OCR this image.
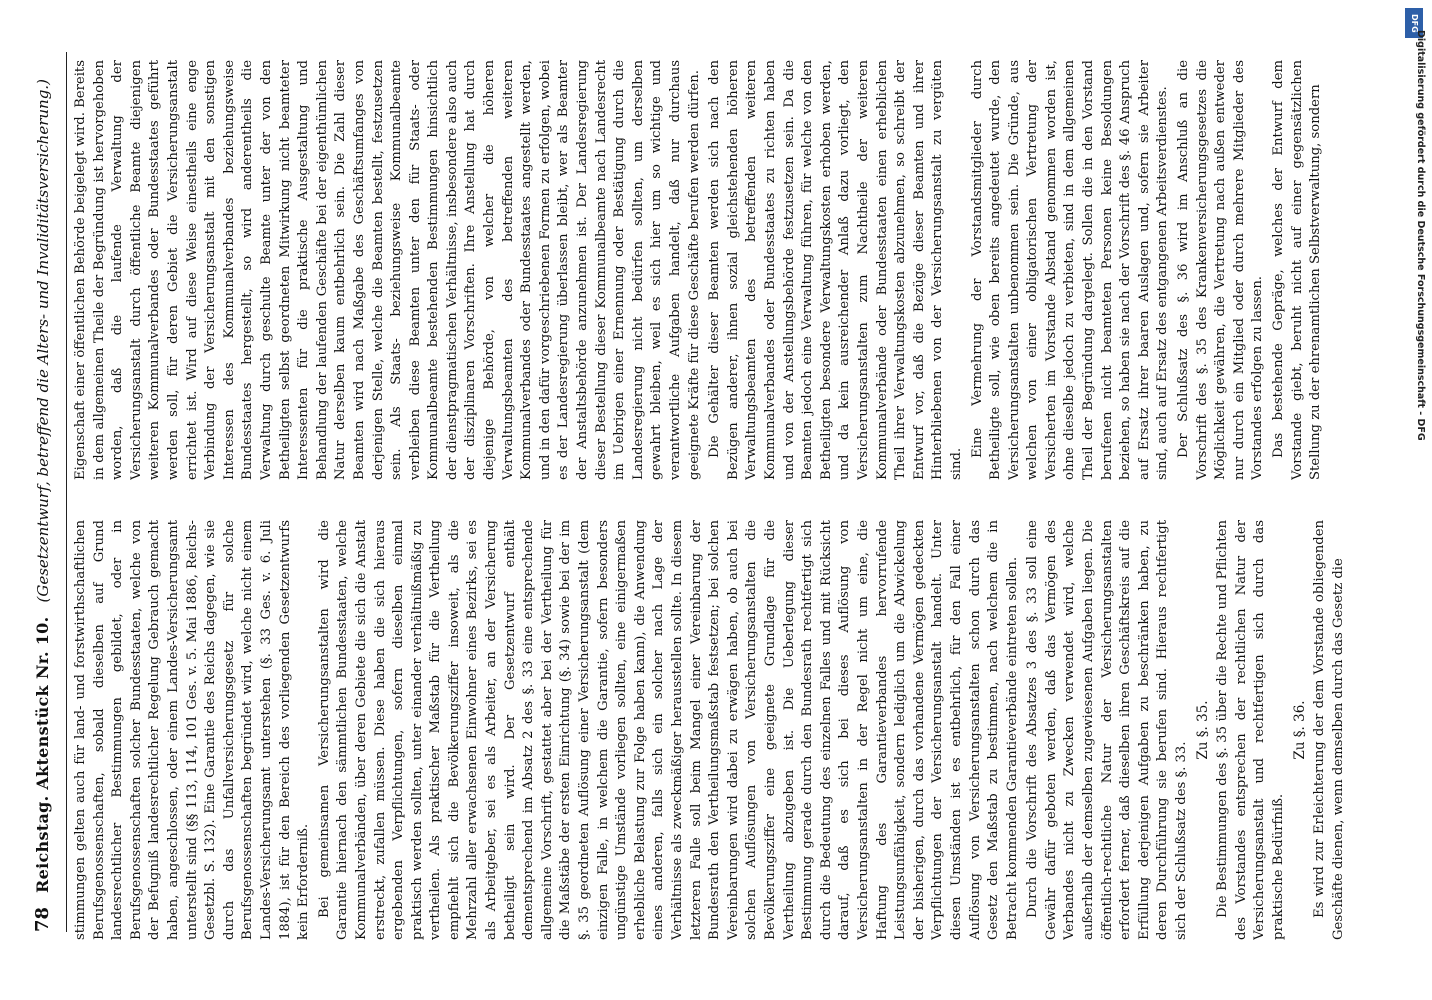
78
Reichstag. Aktenstück Nr. 10.
(Gesetzentwurf, betreffend die Alters- und Invaliditätsversicherung.)

stimmungen gelten auch für land- und forstwirthschaftlichen Berufsgenossenschaften, sobald dieselben auf Grund landesrechtlicher Bestimmungen gebildet, oder in Berufsgenossenschaften solcher Bundesstaaten, welche von der Befugniß landesrechtlicher Regelung Gebrauch gemacht haben, angeschlossen, oder einem Landes-Versicherungsamt unterstellt sind (§§ 113, 114, 101 Ges. v. 5. Mai 1886, Reichs-Gesetzbl. S. 132). Eine Garantie des Reichs dagegen, wie sie durch das Unfallversicherungsgesetz für solche Berufsgenossenschaften begründet wird, welche nicht einem Landes-Versicherungsamt unterstehen (§. 33 Ges. v. 6. Juli 1884), ist für den Bereich des vorliegenden Gesetzentwurfs kein Erforderniß. Bei gemeinsamen Versicherungsanstalten wird die Garantie hiernach den sämmtlichen Bundesstaaten, welche Kommunalverbänden, über deren Gebiete die sich die Anstalt erstreckt, zufallen müssen. Diese haben die sich hieraus ergebenden Verpflichtungen, sofern dieselben einmal praktisch werden sollten, unter einander verhältnißmäßig zu vertheilen. Als praktischer Maßstab für die Vertheilung empfiehlt sich die Bevölkerungsziffer insoweit, als die Mehrzahl aller erwachsenen Einwohner eines Bezirks, sei es als Arbeitgeber, sei es als Arbeiter, an der Versicherung betheiligt sein wird. Der Gesetzentwurf enthält dementsprechend im Absatz 2 des §. 33 eine entsprechende allgemeine Vorschrift, gestattet aber bei der Vertheilung für die Maßstäbe der ersten Einrichtung (§. 34) sowie bei der im §. 35 geordneten Auflösung einer Versicherungsanstalt (dem einzigen Falle, in welchem die Garantie, sofern besonders ungünstige Umstände vorliegen sollten, eine einigermaßen erhebliche Belastung zur Folge haben kann), die Anwendung eines anderen, falls sich ein solcher nach Lage der Verhältnisse als zweckmäßiger herausstellen sollte. In diesem letzteren Falle soll beim Mangel einer Vereinbarung der Bundesrath den Vertheilungsmaßstab festsetzen; bei solchen Vereinbarungen wird dabei zu erwägen haben, ob auch bei solchen Auflösungen von Versicherungsanstalten die Bevölkerungsziffer eine geeignete Grundlage für die Vertheilung abzugeben ist. Die Ueberlegung dieser Bestimmung gerade durch den Bundesrath rechtfertigt sich durch die Bedeutung des einzelnen Falles und mit Rücksicht darauf, daß es sich bei dieses Auflösung von Versicherungsanstalten in der Regel nicht um eine, die Haftung des Garantieverbandes hervorrufende Leistungsunfähigkeit, sondern lediglich um die Abwickelung der bisherigen, durch das vorhandene Vermögen gedeckten Verpflichtungen der Versicherungsanstalt handelt. Unter diesen Umständen ist es entbehrlich, für den Fall einer Auflösung von Versicherungsanstalten schon durch das Gesetz den Maßstab zu bestimmen, nach welchem die in Betracht kommenden Garantieverbände eintreten sollen. Durch die Vorschrift des Absatzes 3 des §. 33 soll eine Gewähr dafür geboten werden, daß das Vermögen des Verbandes nicht zu Zwecken verwendet wird, welche außerhalb der demselben zugewiesenen Aufgaben liegen. Die öffentlich-rechtliche Natur der Versicherungsanstalten erfordert ferner, daß dieselben ihren Geschäftskreis auf die Erfüllung derjenigen Aufgaben zu beschränken haben, zu deren Durchführung sie berufen sind. Hieraus rechtfertigt sich der Schlußsatz des §. 33.

Zu §. 35. Die Bestimmungen des §. 35 über die Rechte und Pflichten des Vorstandes entsprechen der rechtlichen Natur der Versicherungsanstalt und rechtfertigen sich durch das praktische Bedürfniß.

Zu §. 36. Es wird zur Erleichterung der dem Vorstande obliegenden Geschäfte dienen, wenn demselben durch das Gesetz die

Eigenschaft einer öffentlichen Behörde beigelegt wird. Bereits in dem allgemeinen Theile der Begründung ist hervorgehoben worden, daß die laufende Verwaltung der Versicherungsanstalt durch öffentliche Beamte diejenigen weiteren Kommunalverbandes oder Bundesstaates geführt werden soll, für deren Gebiet die Versicherungsanstalt errichtet ist. Wird auf diese Weise einestheils eine enge Verbindung der Versicherungsanstalt mit den sonstigen Interessen des Kommunalverbandes beziehungsweise Bundesstaates hergestellt, so wird anderentheils die Verwaltung durch geschulte Beamte unter der von den Betheiligten selbst geordneten Mitwirkung nicht beamteter Interessenten für die praktische Ausgestaltung und Behandlung der laufenden Geschäfte bei der eigenthümlichen Natur derselben kaum entbehrlich sein. Die Zahl dieser Beamten wird nach Maßgabe des Geschäftsumfanges von derjenigen Stelle, welche die Beamten bestellt, festzusetzen sein. Als Staats- beziehungsweise Kommunalbeamte verbleiben diese Beamten unter den für Staats- oder Kommunalbeamte bestehenden Bestimmungen hinsichtlich der dienstpragmatischen Verhältnisse, insbesondere also auch der disziplinaren Vorschriften. Ihre Anstellung hat durch diejenige Behörde, von welcher die höheren Verwaltungsbeamten des betreffenden weiteren Kommunalverbandes oder Bundesstaates angestellt werden, und in den dafür vorgeschriebenen Formen zu erfolgen, wobei es der Landesregierung überlassen bleibt, wer als Beamter der Anstaltsbehörde anzunehmen ist. Der Landesregierung dieser Bestellung dieser Kommunalbeamte nach Landesrecht im Uebrigen einer Ernennung oder Bestätigung durch die Landesregierung nicht bedürfen sollten, um derselben gewahrt bleiben, weil es sich hier um so wichtige und verantwortliche Aufgaben handelt, daß nur durchaus geeignete Kräfte für diese Geschäfte berufen werden dürfen. Die Gehälter dieser Beamten werden sich nach den Bezügen anderer, ihnen sozial gleichstehenden höheren Verwaltungsbeamten des betreffenden weiteren Kommunalverbandes oder Bundesstaates zu richten haben und von der Anstellungsbehörde festzusetzen sein. Da die Beamten jedoch eine Verwaltung führen, für welche von den Betheiligten besondere Verwaltungskosten erhoben werden, und da kein ausreichender Anlaß dazu vorliegt, den Versicherungsanstalten zum Nachtheile der weiteren Kommunalverbände oder Bundesstaaten einen erheblichen Theil ihrer Verwaltungskosten abzunehmen, so schreibt der Entwurf vor, daß die Bezüge dieser Beamten und ihrer Hinterbliebenen von der Versicherungsanstalt zu vergüten sind.

Eine Vermehrung der Vorstandsmitglieder durch Betheiligte soll, wie oben bereits angedeutet wurde, den Versicherungsanstalten unbenommen sein. Die Gründe, aus welchen von einer obligatorischen Vertretung der Versicherten im Vorstande Abstand genommen worden ist, ohne dieselbe jedoch zu verbieten, sind in dem allgemeinen Theil der Begründung dargelegt. Sollen die in den Vorstand berufenen nicht beamteten Personen keine Besoldungen beziehen, so haben sie nach der Vorschrift des §. 46 Anspruch auf Ersatz ihrer baaren Auslagen und, sofern sie Arbeiter sind, auch auf Ersatz des entgangenen Arbeitsverdienstes. Der Schlußsatz des §. 36 wird im Anschluß an die Vorschrift des §. 35 des Krankenversicherungsgesetzes die Möglichkeit gewähren, die Vertretung nach außen entweder nur durch ein Mitglied oder durch mehrere Mitglieder des Vorstandes erfolgen zu lassen. Das bestehende Gepräge, welches der Entwurf dem Vorstande giebt, beruht nicht auf einer gegensätzlichen Stellung zu der ehrenamtlichen Selbstverwaltung, sondern

DFG
Digitalisierung gefördert durch die Deutsche Forschungsgemeinschaft - DFG
